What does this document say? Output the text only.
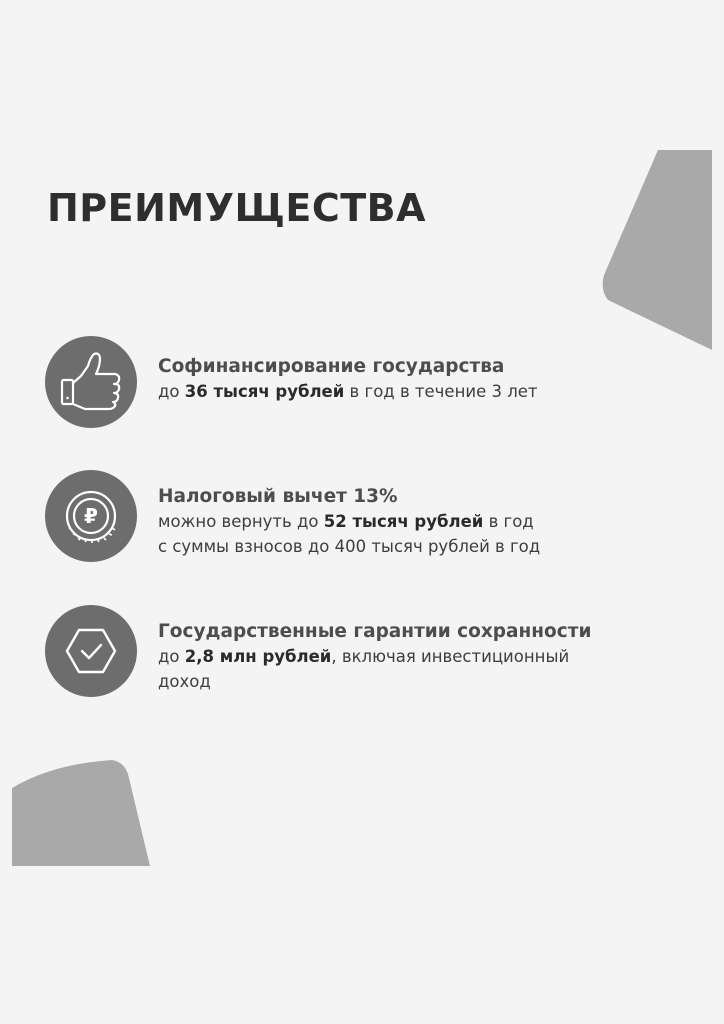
ПРЕИМУЩЕСТВА
Софинансирование государства
до 36 тысяч рублей в год в течение 3 лет
₽
Налоговый вычет 13%
можно вернуть до 52 тысяч рублей в год
с суммы взносов до 400 тысяч рублей в год
Государственные гарантии сохранности
до 2,8 млн рублей, включая инвестиционный
доход
